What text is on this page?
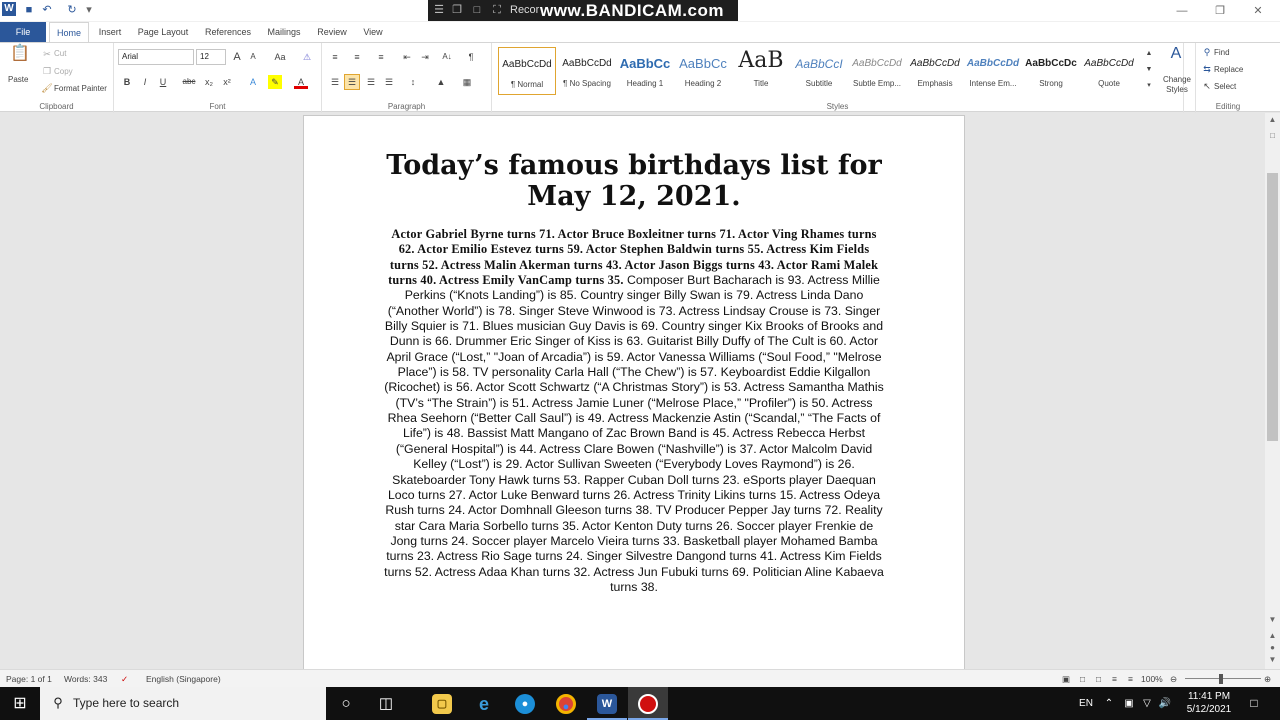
W	■ ↶ ↻ ▾	☰ ❐	□	⛶ Recor www.BANDICAM.com	—	❐	✕
File	Home	Insert	Page Layout	References	Mailings	Review	View
📋
Paste
✂ Cut
❐ Copy
🖌 Format Painter
Clipboard
Arial	12	A	A	Aa	⚠
B	I	U	abc	x₂	x²	A	✎	A
Font
≡	≡	≡	⇤	⇥	A↓	¶
☰ ☰	☰	☰	↕	▲	▦
Paragraph
AaBbCcDd
¶ Normal
AaBbCcDd
¶ No Spacing
AaBbCc
Heading 1
AaBbCc
Heading 2
AaB
Title
AaBbCcI
Subtitle
AaBbCcDd
Subtle Emp...
AaBbCcDd
Emphasis
AaBbCcDd
Intense Em...
AaBbCcDc
Strong
AaBbCcDd
Quote
▲
▼
▾
Styles
A
Change Styles
⚲ Find
⇆ Replace
↖ Select
Editing
Today’s famous birthdays list for
May 12, 2021.
Actor Gabriel Byrne turns 71. Actor Bruce Boxleitner turns 71. Actor Ving Rhames turns 62. Actor Emilio Estevez turns 59. Actor Stephen Baldwin turns 55. Actress Kim Fields turns 52. Actress Malin Akerman turns 43. Actor Jason Biggs turns 43. Actor Rami Malek turns 40. Actress Emily VanCamp turns 35. Composer Burt Bacharach is 93. Actress Millie Perkins (“Knots Landing”) is 85. Country singer Billy Swan is 79. Actress Linda Dano (“Another World”) is 78. Singer Steve Winwood is 73. Actress Lindsay Crouse is 73. Singer Billy Squier is 71. Blues musician Guy Davis is 69. Country singer Kix Brooks of Brooks and Dunn is 66. Drummer Eric Singer of Kiss is 63. Guitarist Billy Duffy of The Cult is 60. Actor April Grace (“Lost,” "Joan of Arcadia”) is 59. Actor Vanessa Williams (“Soul Food,” "Melrose Place”) is 58. TV personality Carla Hall (“The Chew”) is 57. Keyboardist Eddie Kilgallon (Ricochet) is 56. Actor Scott Schwartz (“A Christmas Story”) is 53. Actress Samantha Mathis (TV’s “The Strain”) is 51. Actress Jamie Luner (“Melrose Place,” "Profiler”) is 50. Actress Rhea Seehorn (“Better Call Saul”) is 49. Actress Mackenzie Astin (“Scandal,” “The Facts of Life”) is 48. Bassist Matt Mangano of Zac Brown Band is 45. Actress Rebecca Herbst (“General Hospital”) is 44. Actress Clare Bowen (“Nashville”) is 37. Actor Malcolm David Kelley (“Lost”) is 29. Actor Sullivan Sweeten (“Everybody Loves Raymond”) is 26. Skateboarder Tony Hawk turns 53. Rapper Cuban Doll turns 23. eSports player Daequan Loco turns 27. Actor Luke Benward turns 26. Actress Trinity Likins turns 15. Actress Odeya Rush turns 24. Actor Domhnall Gleeson turns 38. TV Producer Pepper Jay turns 72. Reality star Cara Maria Sorbello turns 35. Actor Kenton Duty turns 26. Soccer player Frenkie de Jong turns 24. Soccer player Marcelo Vieira turns 33. Basketball player Mohamed Bamba turns 23. Actress Rio Sage turns 24. Singer Silvestre Dangond turns 41. Actress Kim Fields turns 52. Actress Adaa Khan turns 32. Actress Jun Fubuki turns 69. Politician Aline Kabaeva turns 38.
▲
□
▼
▲
●
▼
Page: 1 of 1 Words: 343 ✓ English (Singapore)	▣ □ □ ≡ ≡ 100% ⊖	⊕
⊞	⚲ Type here to search	○	◫	▢	e	●	●	W	●	EN	⌃	▣ ▽ 🔊
11:41 PM
5/12/2021	□
